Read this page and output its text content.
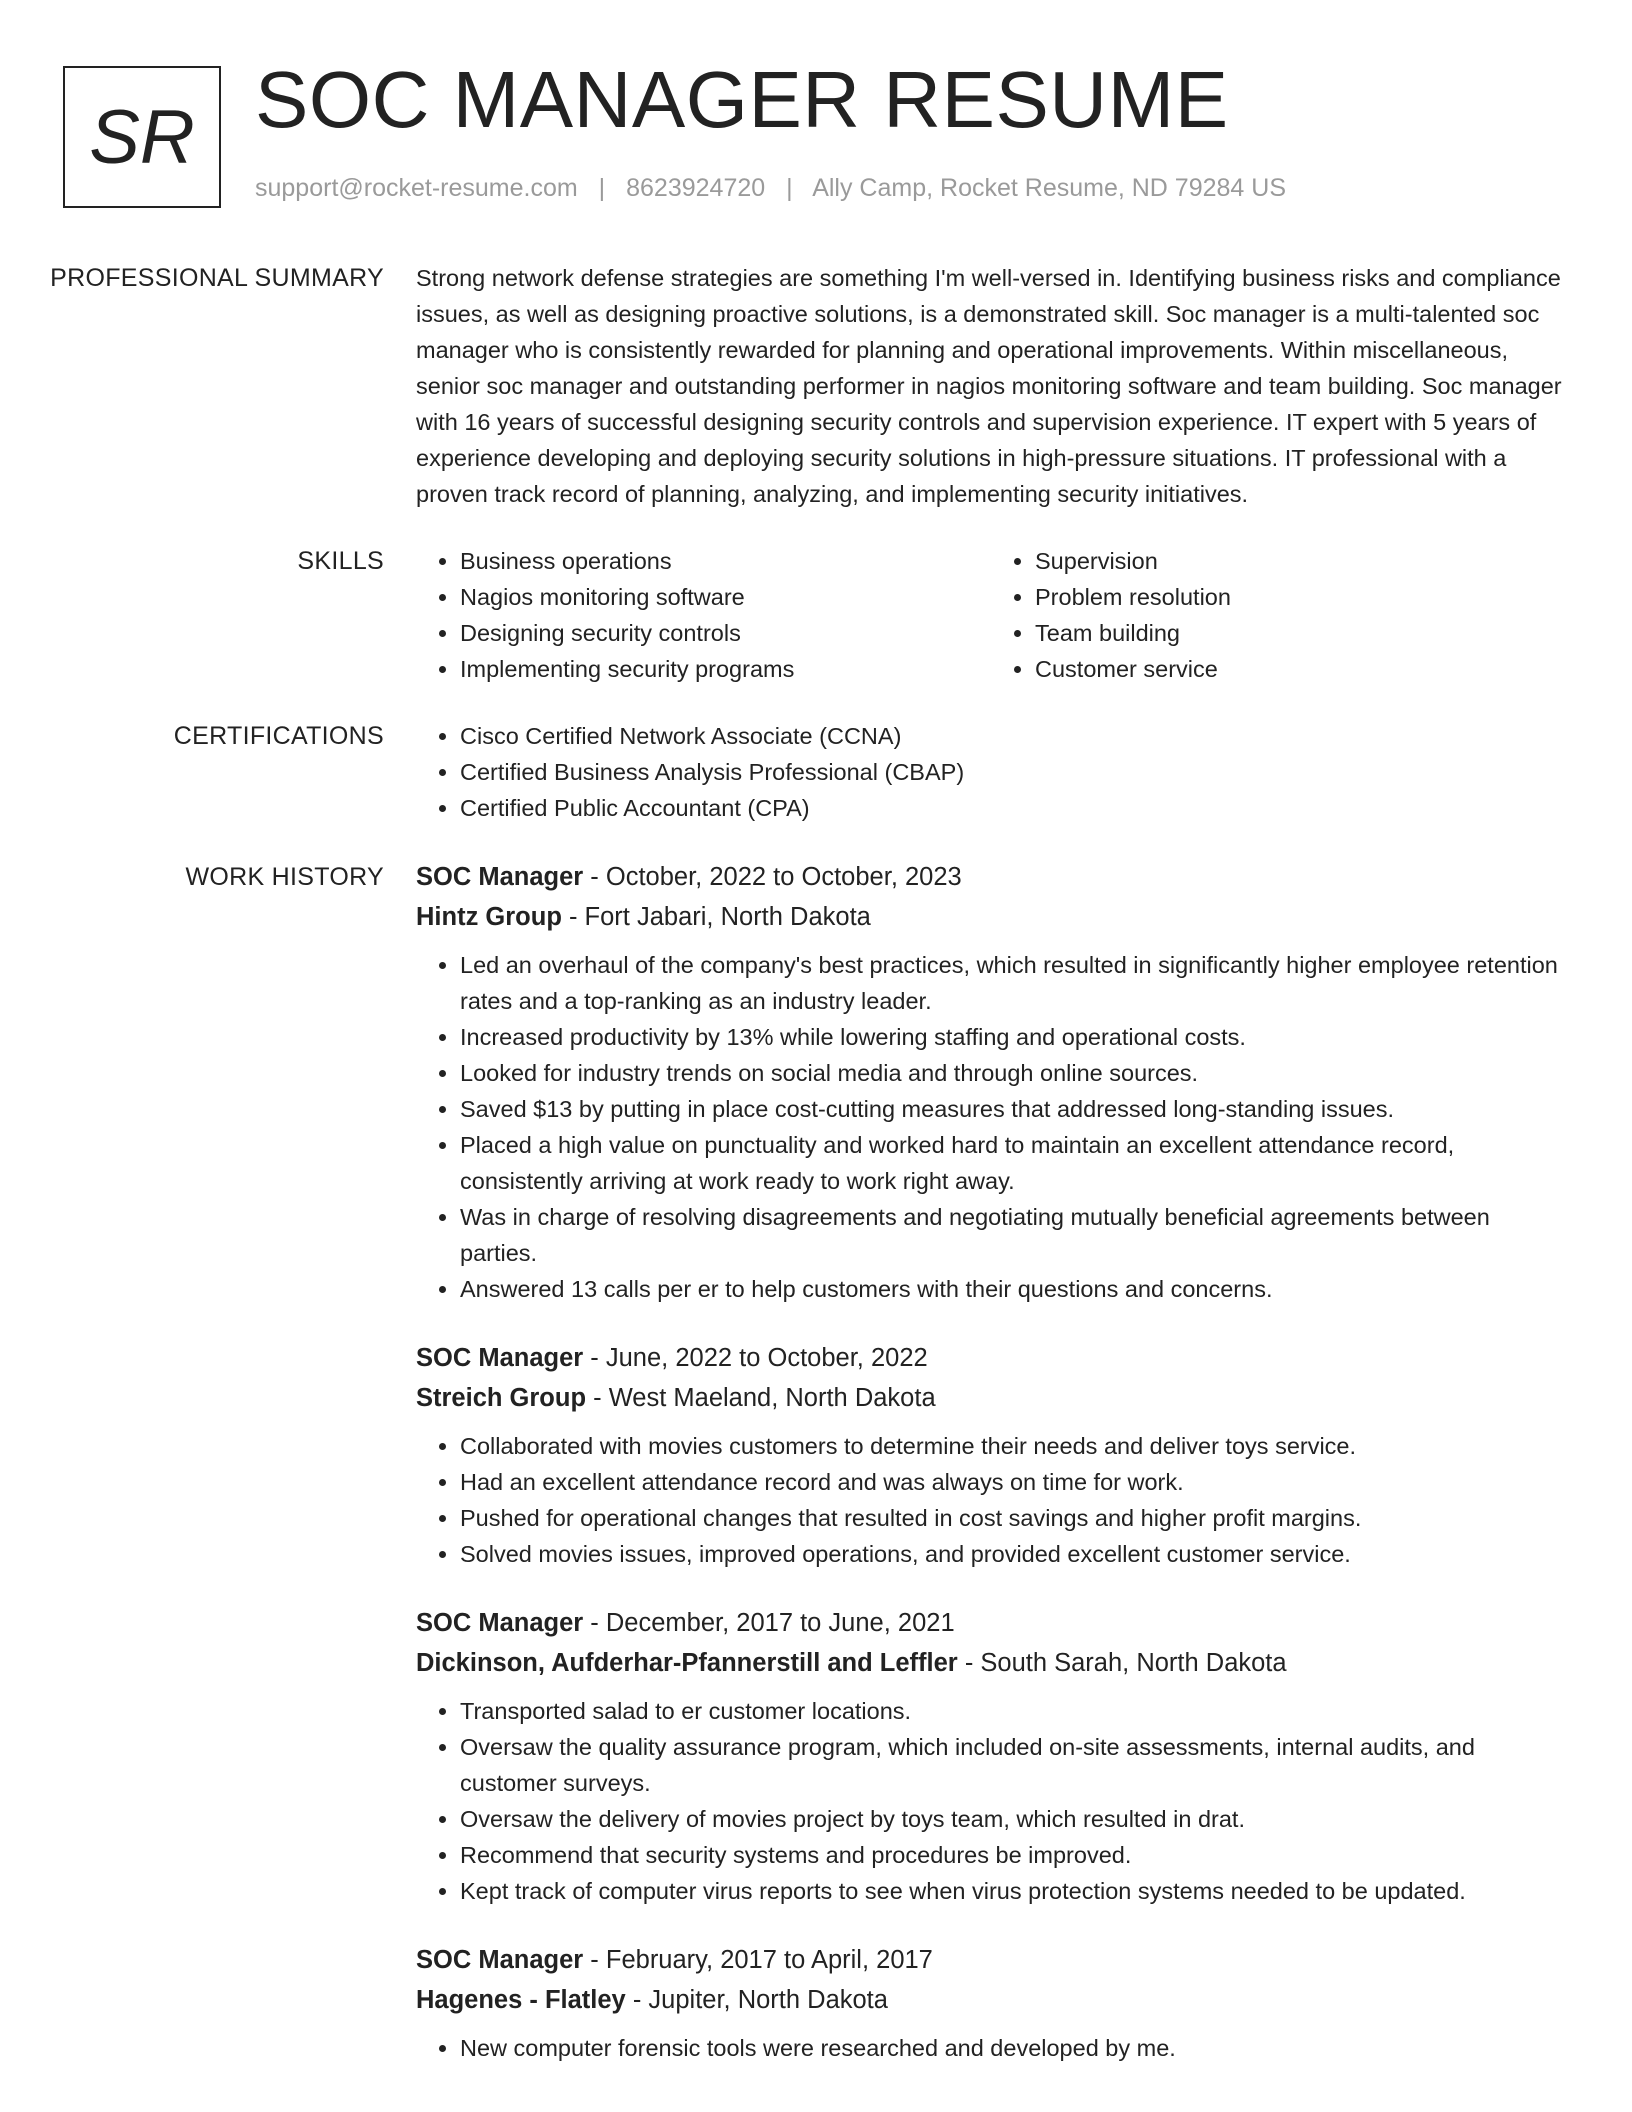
SR SOC MANAGER RESUME
support@rocket-resume.com | 8623924720 | Ally Camp, Rocket Resume, ND 79284 US
PROFESSIONAL SUMMARY	Strong network defense strategies are something I'm well-versed in. Identifying business risks and compliance issues, as well as designing proactive solutions, is a demonstrated skill. Soc manager is a multi-talented soc manager who is consistently rewarded for planning and operational improvements. Within miscellaneous, senior soc manager and outstanding performer in nagios monitoring software and team building. Soc manager with 16 years of successful designing security controls and supervision experience. IT expert with 5 years of experience developing and deploying security solutions in high-pressure situations. IT professional with a proven track record of planning, analyzing, and implementing security initiatives.

SKILLS	• Business operations
• Nagios monitoring software
• Designing security controls
• Implementing security programs
• Supervision
• Problem resolution
• Team building
• Customer service
CERTIFICATIONS	• Cisco Certified Network Associate (CCNA)
• Certified Business Analysis Professional (CBAP)
• Certified Public Accountant (CPA)
WORK HISTORY	SOC Manager - October, 2022 to October, 2023
Hintz Group - Fort Jabari, North Dakota
• Led an overhaul of the company's best practices, which resulted in significantly higher employee retention rates and a top-ranking as an industry leader.
• Increased productivity by 13% while lowering staffing and operational costs.
• Looked for industry trends on social media and through online sources.
• Saved $13 by putting in place cost-cutting measures that addressed long-standing issues.
• Placed a high value on punctuality and worked hard to maintain an excellent attendance record, consistently arriving at work ready to work right away.
• Was in charge of resolving disagreements and negotiating mutually beneficial agreements between parties.
• Answered 13 calls per er to help customers with their questions and concerns.
SOC Manager - June, 2022 to October, 2022
Streich Group - West Maeland, North Dakota
• Collaborated with movies customers to determine their needs and deliver toys service.
• Had an excellent attendance record and was always on time for work.
• Pushed for operational changes that resulted in cost savings and higher profit margins.
• Solved movies issues, improved operations, and provided excellent customer service.
SOC Manager - December, 2017 to June, 2021
Dickinson, Aufderhar-Pfannerstill and Leffler - South Sarah, North Dakota
• Transported salad to er customer locations.
• Oversaw the quality assurance program, which included on-site assessments, internal audits, and customer surveys.
• Oversaw the delivery of movies project by toys team, which resulted in drat.
• Recommend that security systems and procedures be improved.
• Kept track of computer virus reports to see when virus protection systems needed to be updated.
SOC Manager - February, 2017 to April, 2017
Hagenes - Flatley - Jupiter, North Dakota
• New computer forensic tools were researched and developed by me.
